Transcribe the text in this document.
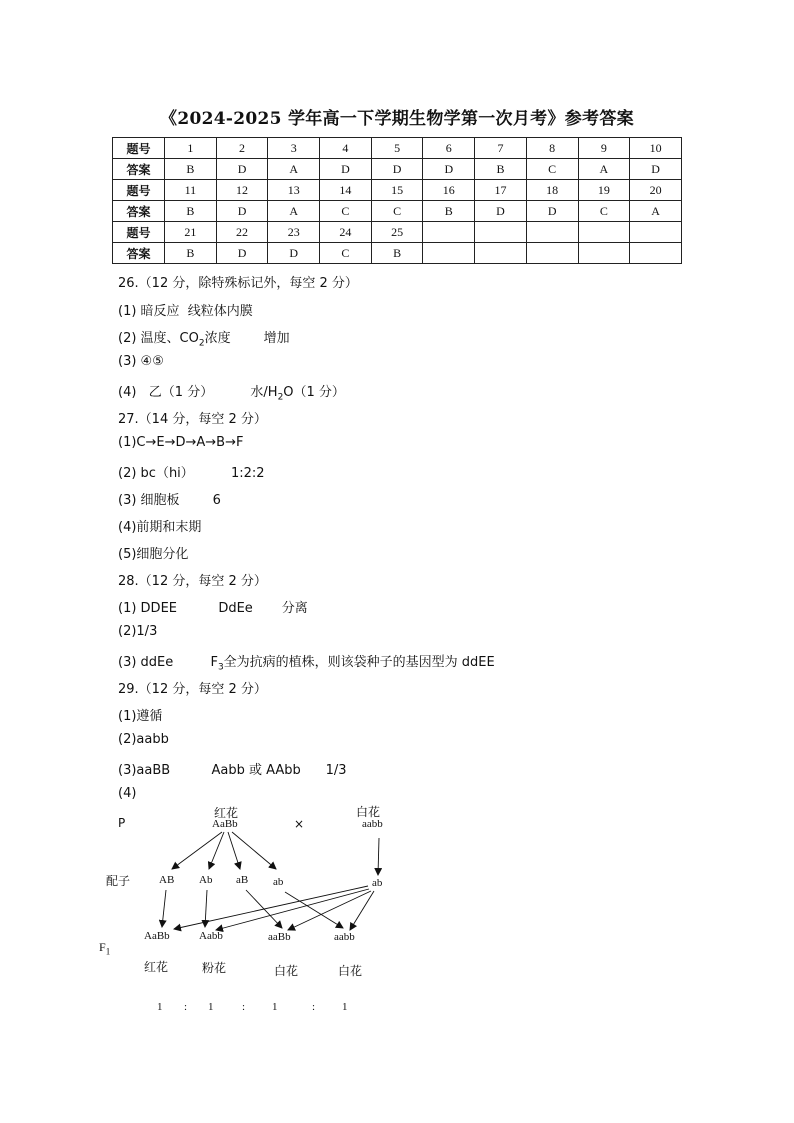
《2024-2025 学年高一下学期生物学第一次月考》参考答案
题号	1	2	3	4	5	6	7	8	9	10
答案	B	D	A	D	D	D	B	C	A	D
题号	11	12	13	14	15	16	17	18	19	20
答案	B	D	A	C	C	B	D	D	C	A
题号	21	22	23	24	25					
答案	B	D	D	C	B					
26.（12 分，除特殊标记外，每空 2 分）
(1) 暗反应  线粒体内膜
(2) 温度、$CO_2$浓度        增加
(3) ④⑤
(4)   乙（1 分）         水$/H_2O(1$ 分）
27.（14 分，每空 2 分）
(1)C→E→D→A→B→F
(2) bc（hi）         1:2:2
(3) 细胞板        6
(4)前期和末期
(5)细胞分化
28.（12 分，每空 2 分）
(1) DDEE          DdEe       分离
(2)1/3
(3) ddEe         $F_3$全为抗病的植株，则该袋种子的基因型为 ddEE
29.（12 分，每空 2 分）
(1)遵循
(2)aabb
(3)aaBB          Aabb 或 AAbb      1/3
(4)
P
红花
AaBb	×
白花
aabb
配子	AB Ab aB ab	ab
$F_1$
AaBb	Aabb	aaBb	aabb
红花	粉花	白花	白花
1 : 1	: 1	: 1
